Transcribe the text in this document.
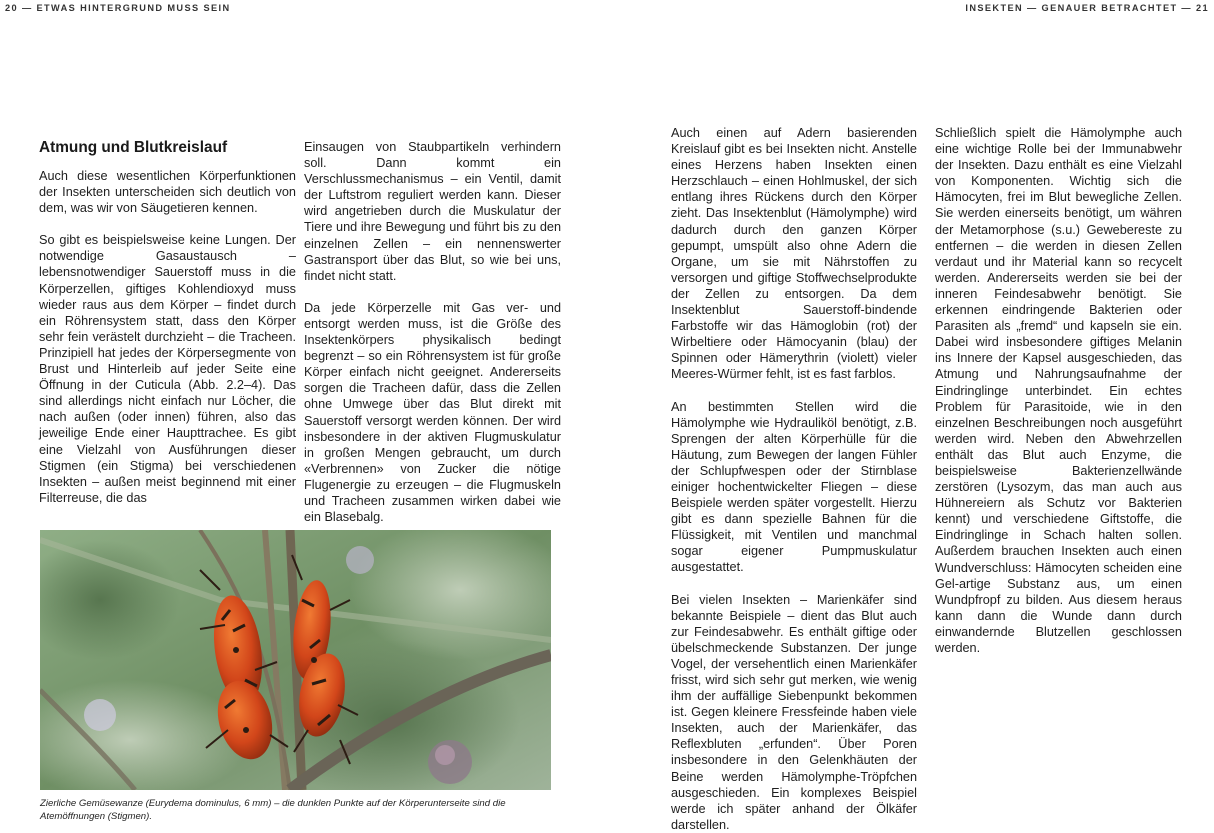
20 — ETWAS HINTERGRUND MUSS SEIN	INSEKTEN — GENAUER BETRACHTET — 21
Atmung und Blutkreislauf

Auch diese wesentlichen Körperfunktionen der Insekten unterscheiden sich deutlich von dem, was wir von Säugetieren kennen.

So gibt es beispielsweise keine Lungen. Der notwendige Gasaustausch – lebensnotwendiger Sauerstoff muss in die Körperzellen, giftiges Kohlendioxyd muss wieder raus aus dem Körper – findet durch ein Röhrensystem statt, dass den Körper sehr fein verästelt durchzieht – die Tracheen. Prinzipiell hat jedes der Körpersegmente von Brust und Hinterleib auf jeder Seite eine Öffnung in der Cuticula (Abb. 2.2–4). Das sind allerdings nicht einfach nur Löcher, die nach außen (oder innen) führen, also das jeweilige Ende einer Haupttrachee. Es gibt eine Vielzahl von Ausführungen dieser Stigmen (ein Stigma) bei verschiedenen Insekten – außen meist beginnend mit einer Filterreuse, die das

Einsaugen von Staubpartikeln verhindern soll. Dann kommt ein Verschlussmechanismus – ein Ventil, damit der Luftstrom reguliert werden kann. Dieser wird angetrieben durch die Muskulatur der Tiere und ihre Bewegung und führt bis zu den einzelnen Zellen – ein nennenswerter Gastransport über das Blut, so wie bei uns, findet nicht statt.

Da jede Körperzelle mit Gas ver- und entsorgt werden muss, ist die Größe des Insektenkörpers physikalisch bedingt begrenzt – so ein Röhrensystem ist für große Körper einfach nicht geeignet. Andererseits sorgen die Tracheen dafür, dass die Zellen ohne Umwege über das Blut direkt mit Sauerstoff versorgt werden können. Der wird insbesondere in der aktiven Flugmuskulatur in großen Mengen gebraucht, um durch «Verbrennen» von Zucker die nötige Flugenergie zu erzeugen – die Flugmuskeln und Tracheen zusammen wirken dabei wie ein Blasebalg.

Zierliche Gemüsewanze (Eurydema dominulus, 6 mm) – die dunklen Punkte auf der Körperunterseite sind die Atemöffnungen (Stigmen).

Auch einen auf Adern basierenden Kreislauf gibt es bei Insekten nicht. Anstelle eines Herzens haben Insekten einen Herzschlauch – einen Hohlmuskel, der sich entlang ihres Rückens durch den Körper zieht. Das Insektenblut (Hämolymphe) wird dadurch durch den ganzen Körper gepumpt, umspült also ohne Adern die Organe, um sie mit Nährstoffen zu versorgen und giftige Stoffwechselprodukte der Zellen zu entsorgen. Da dem Insektenblut Sauerstoff-bindende Farbstoffe wir das Hämoglobin (rot) der Wirbeltiere oder Hämocyanin (blau) der Spinnen oder Hämerythrin (violett) vieler Meeres-Würmer fehlt, ist es fast farblos.

An bestimmten Stellen wird die Hämolymphe wie Hydrauliköl benötigt, z.B. Sprengen der alten Körperhülle für die Häutung, zum Bewegen der langen Fühler der Schlupfwespen oder der Stirnblase einiger hochentwickelter Fliegen – diese Beispiele werden später vorgestellt. Hierzu gibt es dann spezielle Bahnen für die Flüssigkeit, mit Ventilen und manchmal sogar eigener Pumpmuskulatur ausgestattet.

Bei vielen Insekten – Marienkäfer sind bekannte Beispiele – dient das Blut auch zur Feindesabwehr. Es enthält giftige oder übelschmeckende Substanzen. Der junge Vogel, der versehentlich einen Marienkäfer frisst, wird sich sehr gut merken, wie wenig ihm der auffällige Siebenpunkt bekommen ist. Gegen kleinere Fressfeinde haben viele Insekten, auch der Marienkäfer, das Reflexbluten „erfunden“. Über Poren insbesondere in den Gelenkhäuten der Beine werden Hämolymphe-Tröpfchen ausgeschieden. Ein komplexes Beispiel werde ich später anhand der Ölkäfer darstellen.

Schließlich spielt die Hämolymphe auch eine wichtige Rolle bei der Immunabwehr der Insekten. Dazu enthält es eine Vielzahl von Komponenten. Wichtig sich die Hämocyten, frei im Blut bewegliche Zellen. Sie werden einerseits benötigt, um währen der Metamorphose (s.u.) Gewebereste zu entfernen – die werden in diesen Zellen verdaut und ihr Material kann so recycelt werden. Andererseits werden sie bei der inneren Feindesabwehr benötigt. Sie erkennen eindringende Bakterien oder Parasiten als „fremd“ und kapseln sie ein. Dabei wird insbesondere giftiges Melanin ins Innere der Kapsel ausgeschieden, das Atmung und Nahrungsaufnahme der Eindringlinge unterbindet. Ein echtes Problem für Parasitoide, wie in den einzelnen Beschreibungen noch ausgeführt werden wird. Neben den Abwehrzellen enthält das Blut auch Enzyme, die beispielsweise Bakterienzellwände zerstören (Lysozym, das man auch aus Hühnereiern als Schutz vor Bakterien kennt) und verschiedene Giftstoffe, die Eindringlinge in Schach halten sollen. Außerdem brauchen Insekten auch einen Wundverschluss: Hämocyten scheiden eine Gel-artige Substanz aus, um einen Wundpfropf zu bilden. Aus diesem heraus kann dann die Wunde dann durch einwandernde Blutzellen geschlossen werden.
